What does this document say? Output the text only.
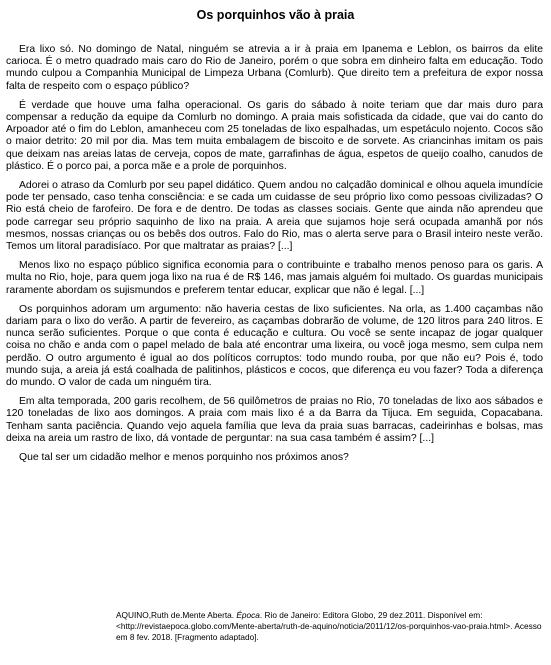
Os porquinhos vão à praia

Era lixo só. No domingo de Natal, ninguém se atrevia a ir à praia em Ipanema e Leblon, os bairros da elite carioca. É o metro quadrado mais caro do Rio de Janeiro, porém o que sobra em dinheiro falta em educação. Todo mundo culpou a Companhia Municipal de Limpeza Urbana (Comlurb). Que direito tem a prefeitura de expor nossa falta de respeito com o espaço público?

É verdade que houve uma falha operacional. Os garis do sábado à noite teriam que dar mais duro para compensar a redução da equipe da Comlurb no domingo. A praia mais sofisticada da cidade, que vai do canto do Arpoador até o fim do Leblon, amanheceu com 25 toneladas de lixo espalhadas, um espetáculo nojento. Cocos são o maior detrito: 20 mil por dia. Mas tem muita embalagem de biscoito e de sorvete. As criancinhas imitam os pais que deixam nas areias latas de cerveja, copos de mate, garrafinhas de água, espetos de queijo coalho, canudos de plástico. É o porco pai, a porca mãe e a prole de porquinhos.

Adorei o atraso da Comlurb por seu papel didático. Quem andou no calçadão dominical e olhou aquela imundície pode ter pensado, caso tenha consciência: e se cada um cuidasse de seu próprio lixo como pessoas civilizadas? O Rio está cheio de farofeiro. De fora e de dentro. De todas as classes sociais. Gente que ainda não aprendeu que pode carregar seu próprio saquinho de lixo na praia. A areia que sujamos hoje será ocupada amanhã por nós mesmos, nossas crianças ou os bebês dos outros. Falo do Rio, mas o alerta serve para o Brasil inteiro neste verão. Temos um litoral paradisíaco. Por que maltratar as praias? [...]

Menos lixo no espaço público significa economia para o contribuinte e trabalho menos penoso para os garis. A multa no Rio, hoje, para quem joga lixo na rua é de R$ 146, mas jamais alguém foi multado. Os guardas municipais raramente abordam os sujismundos e preferem tentar educar, explicar que não é legal. [...]

Os porquinhos adoram um argumento: não haveria cestas de lixo suficientes. Na orla, as 1.400 caçambas não dariam para o lixo do verão. A partir de fevereiro, as caçambas dobrarão de volume, de 120 litros para 240 litros. E nunca serão suficientes. Porque o que conta é educação e cultura. Ou você se sente incapaz de jogar qualquer coisa no chão e anda com o papel melado de bala até encontrar uma lixeira, ou você joga mesmo, sem culpa nem perdão. O outro argumento é igual ao dos políticos corruptos: todo mundo rouba, por que não eu? Pois é, todo mundo suja, a areia já está coalhada de palitinhos, plásticos e cocos, que diferença eu vou fazer? Toda a diferença do mundo. O valor de cada um ninguém tira.

Em alta temporada, 200 garis recolhem, de 56 quilômetros de praias no Rio, 70 toneladas de lixo aos sábados e 120 toneladas de lixo aos domingos. A praia com mais lixo é a da Barra da Tijuca. Em seguida, Copacabana. Tenham santa paciência. Quando vejo aquela família que leva da praia suas barracas, cadeirinhas e bolsas, mas deixa na areia um rastro de lixo, dá vontade de perguntar: na sua casa também é assim? [...]

Que tal ser um cidadão melhor e menos porquinho nos próximos anos?

AQUINO,Ruth de.Mente Aberta. Época. Rio de Janeiro: Editora Globo, 29 dez.2011. Disponível em: <http://revistaepoca.globo.com/Mente-aberta/ruth-de-aquino/noticia/2011/12/os-porquinhos-vao-praia.html>. Acesso em 8 fev. 2018. [Fragmento adaptado].
